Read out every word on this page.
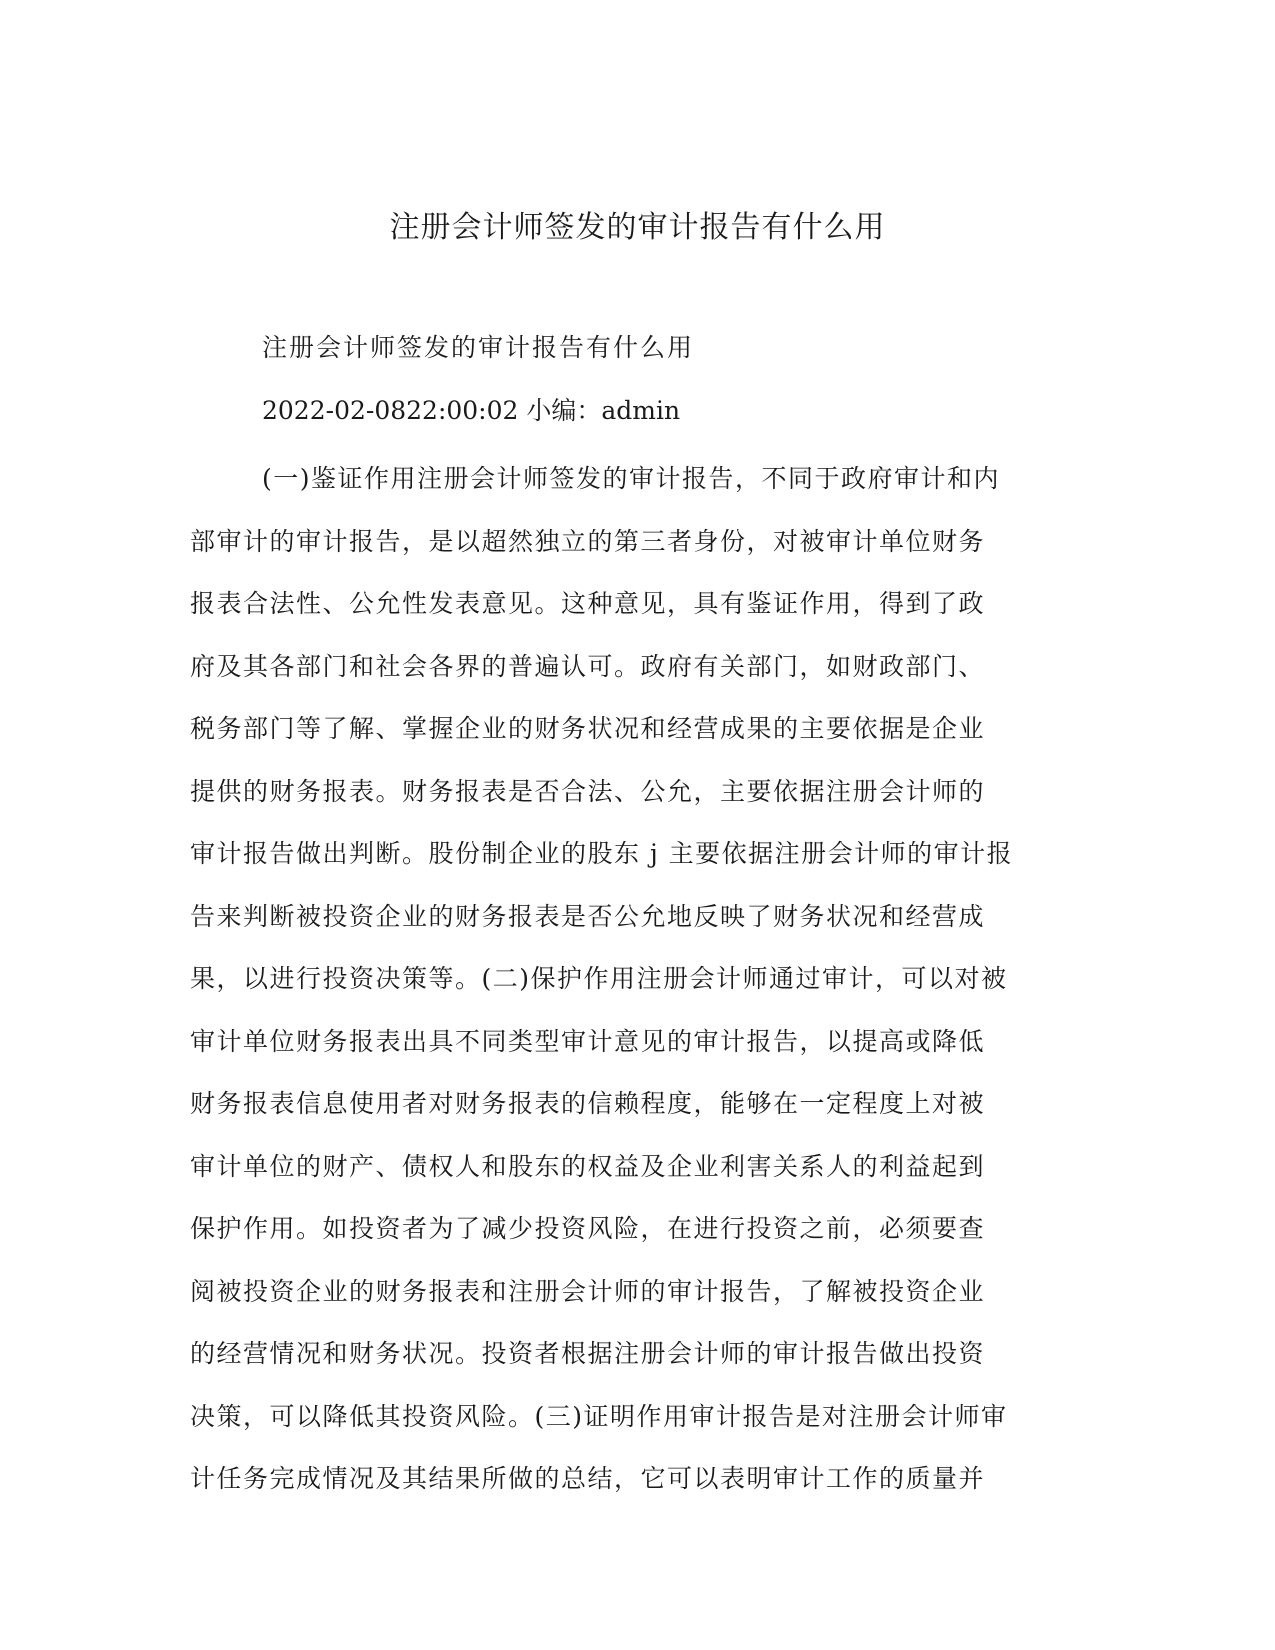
注册会计师签发的审计报告有什么用
注册会计师签发的审计报告有什么用
2022-02-0822:00:02 小编：admin
(一)鉴证作用注册会计师签发的审计报告，不同于政府审计和内
部审计的审计报告，是以超然独立的第三者身份，对被审计单位财务
报表合法性、公允性发表意见。这种意见，具有鉴证作用，得到了政
府及其各部门和社会各界的普遍认可。政府有关部门，如财政部门、
税务部门等了解、掌握企业的财务状况和经营成果的主要依据是企业
提供的财务报表。财务报表是否合法、公允，主要依据注册会计师的
审计报告做出判断。股份制企业的股东 j 主要依据注册会计师的审计报
告来判断被投资企业的财务报表是否公允地反映了财务状况和经营成
果，以进行投资决策等。(二)保护作用注册会计师通过审计，可以对被
审计单位财务报表出具不同类型审计意见的审计报告，以提高或降低
财务报表信息使用者对财务报表的信赖程度，能够在一定程度上对被
审计单位的财产、债权人和股东的权益及企业利害关系人的利益起到
保护作用。如投资者为了减少投资风险，在进行投资之前，必须要查
阅被投资企业的财务报表和注册会计师的审计报告，了解被投资企业
的经营情况和财务状况。投资者根据注册会计师的审计报告做出投资
决策，可以降低其投资风险。(三)证明作用审计报告是对注册会计师审
计任务完成情况及其结果所做的总结，它可以表明审计工作的质量并
